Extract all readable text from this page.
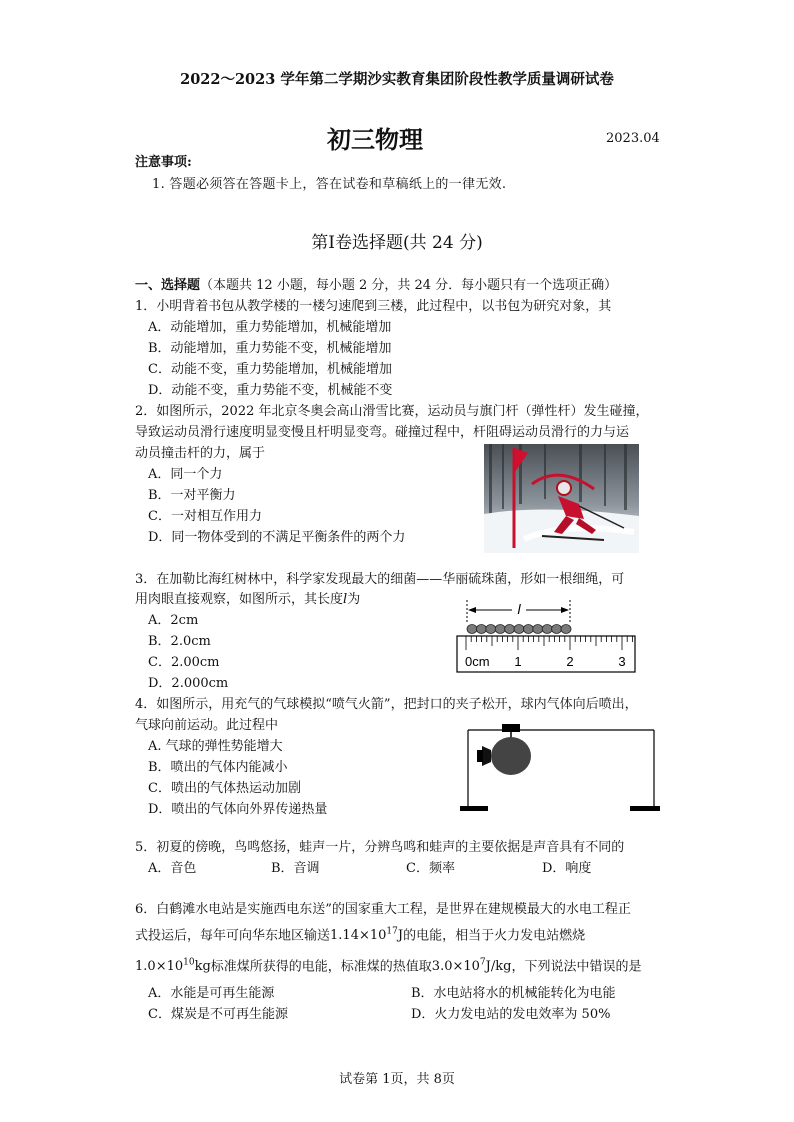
2022～2023 学年第二学期沙实教育集团阶段性教学质量调研试卷
初三物理	2023.04
注意事项:
1. 答题必须答在答题卡上，答在试卷和草稿纸上的一律无效.
第Ⅰ卷选择题(共 24 分)
一、选择题（本题共 12 小题，每小题 2 分，共 24 分．每小题只有一个选项正确）
1．小明背着书包从教学楼的一楼匀速爬到三楼，此过程中，以书包为研究对象，其
A．动能增加，重力势能增加，机械能增加
B．动能增加，重力势能不变，机械能增加
C．动能不变，重力势能增加，机械能增加
D．动能不变，重力势能不变，机械能不变
2．如图所示，2022 年北京冬奥会高山滑雪比赛，运动员与旗门杆（弹性杆）发生碰撞，
导致运动员滑行速度明显变慢且杆明显变弯。碰撞过程中，杆阻碍运动员滑行的力与运
动员撞击杆的力，属于
A．同一个力
B．一对平衡力
C．一对相互作用力
D．同一物体受到的不满足平衡条件的两个力
3．在加勒比海红树林中，科学家发现最大的细菌——华丽硫珠菌，形如一根细绳，可
用肉眼直接观察，如图所示，其长度l为
A．2cm
B．2.0cm
C．2.00cm
D．2.000cm
l
0cm 1	2	3
4．如图所示，用充气的气球模拟“喷气火箭”，把封口的夹子松开，球内气体向后喷出，
气球向前运动。此过程中
A. 气球的弹性势能增大
B．喷出的气体内能减小
C．喷出的气体热运动加剧
D．喷出的气体向外界传递热量
5．初夏的傍晚，鸟鸣悠扬，蛙声一片，分辨鸟鸣和蛙声的主要依据是声音具有不同的
A．音色	B．音调	C．频率	D．响度
6．白鹤滩水电站是实施西电东送”的国家重大工程，是世界在建规模最大的水电工程正
式投运后，每年可向华东地区输送$1.14\times 10^{17}J$的电能，相当于火力发电站燃烧
$1.0\times 10^{10}kg$标准煤所获得的电能，标准煤的热值取$3.0\times 10^7J/kg$，下列说法中错误的是
A．水能是可再生能源	B．水电站将水的机械能转化为电能
C．煤炭是不可再生能源	D．火力发电站的发电效率为 50%
试卷第 1页，共 8页
